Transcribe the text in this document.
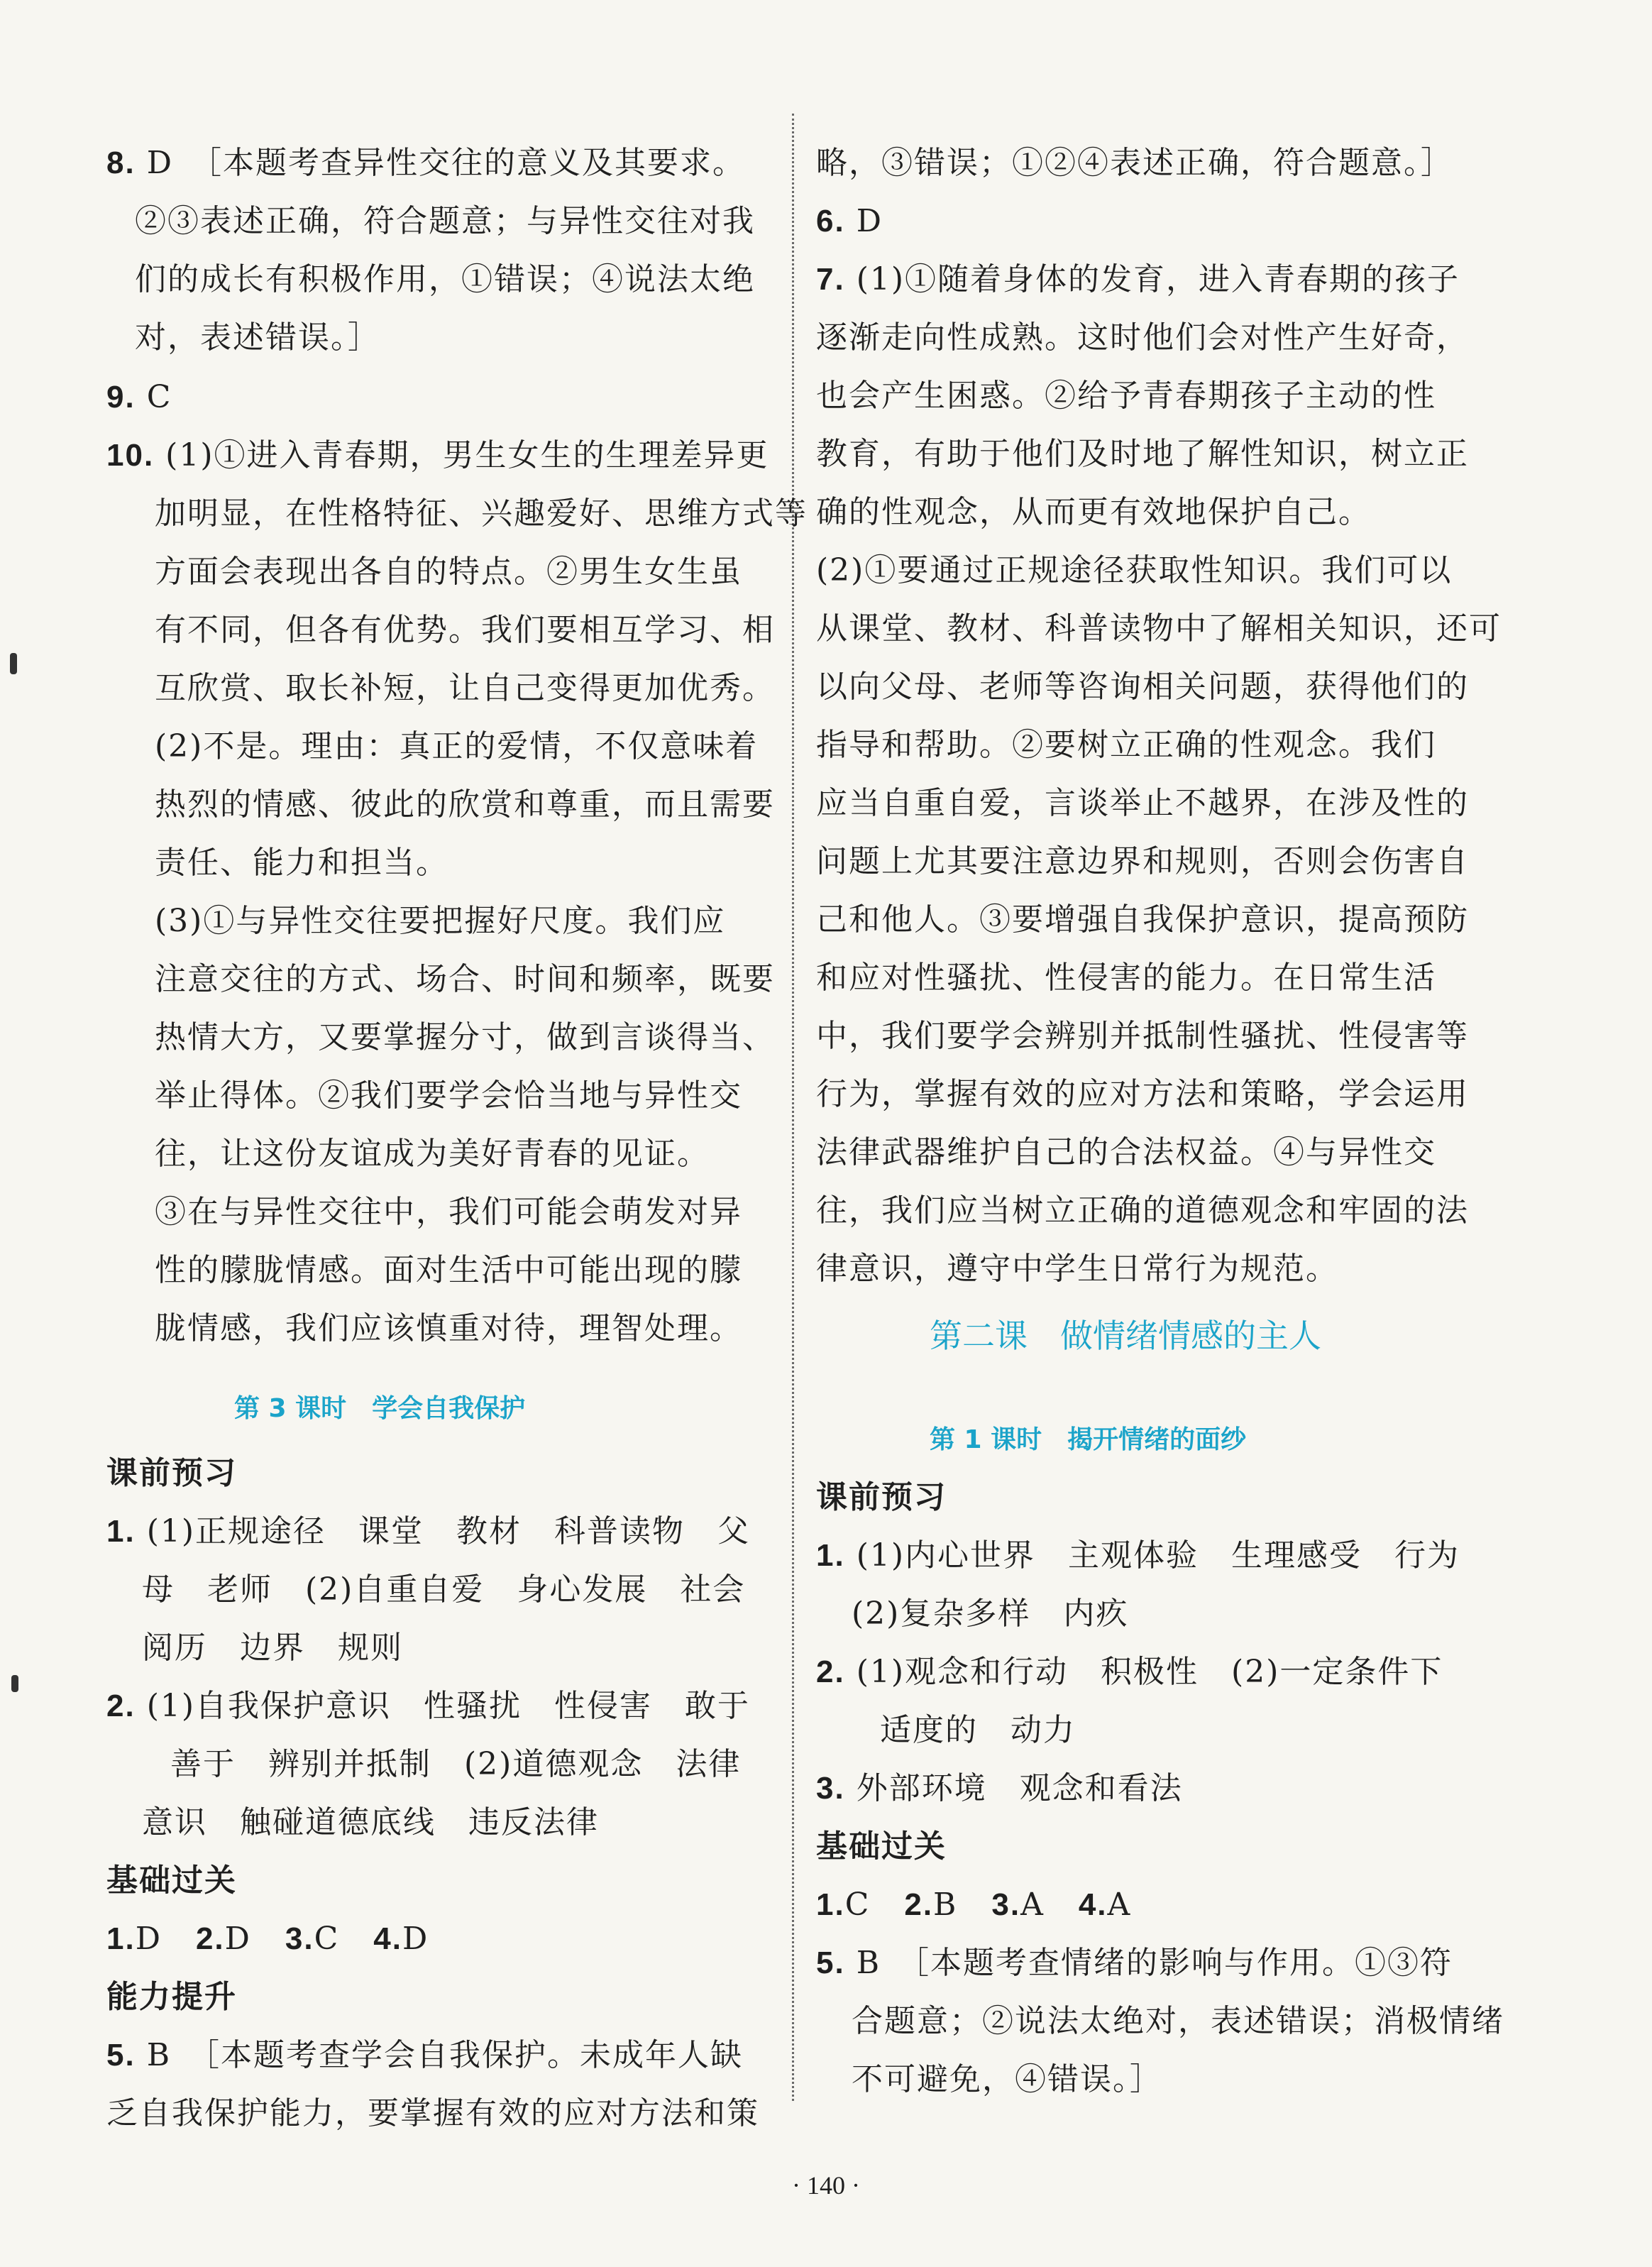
8. D　［本题考查异性交往的意义及其要求。
②③表述正确，符合题意；与异性交往对我
们的成长有积极作用，①错误；④说法太绝
对，表述错误。］
9. C
10. (1)①进入青春期，男生女生的生理差异更
加明显，在性格特征、兴趣爱好、思维方式等
方面会表现出各自的特点。②男生女生虽
有不同，但各有优势。我们要相互学习、相
互欣赏、取长补短，让自己变得更加优秀。
(2)不是。理由：真正的爱情，不仅意味着
热烈的情感、彼此的欣赏和尊重，而且需要
责任、能力和担当。
(3)①与异性交往要把握好尺度。我们应
注意交往的方式、场合、时间和频率，既要
热情大方，又要掌握分寸，做到言谈得当、
举止得体。②我们要学会恰当地与异性交
往，让这份友谊成为美好青春的见证。
③在与异性交往中，我们可能会萌发对异
性的朦胧情感。面对生活中可能出现的朦
胧情感，我们应该慎重对待，理智处理。
第 3 课时　学会自我保护
课前预习
1. (1)正规途径　课堂　教材　科普读物　父
母　老师　(2)自重自爱　身心发展　社会
阅历　边界　规则
2. (1)自我保护意识　性骚扰　性侵害　敢于
善于　辨别并抵制　(2)道德观念　法律
意识　触碰道德底线　违反法律
基础过关
1.D 2.D 3.C 4.D
能力提升
5. B　［本题考查学会自我保护。未成年人缺
乏自我保护能力，要掌握有效的应对方法和策
略，③错误；①②④表述正确，符合题意。］
6. D
7. (1)①随着身体的发育，进入青春期的孩子
逐渐走向性成熟。这时他们会对性产生好奇，
也会产生困惑。②给予青春期孩子主动的性
教育，有助于他们及时地了解性知识，树立正
确的性观念，从而更有效地保护自己。
(2)①要通过正规途径获取性知识。我们可以
从课堂、教材、科普读物中了解相关知识，还可
以向父母、老师等咨询相关问题，获得他们的
指导和帮助。②要树立正确的性观念。我们
应当自重自爱，言谈举止不越界，在涉及性的
问题上尤其要注意边界和规则，否则会伤害自
己和他人。③要增强自我保护意识，提高预防
和应对性骚扰、性侵害的能力。在日常生活
中，我们要学会辨别并抵制性骚扰、性侵害等
行为，掌握有效的应对方法和策略，学会运用
法律武器维护自己的合法权益。④与异性交
往，我们应当树立正确的道德观念和牢固的法
律意识，遵守中学生日常行为规范。
第二课　做情绪情感的主人
第 1 课时　揭开情绪的面纱
课前预习
1. (1)内心世界　主观体验　生理感受　行为
(2)复杂多样　内疚
2. (1)观念和行动　积极性　(2)一定条件下
适度的　动力
3. 外部环境　观念和看法
基础过关
1.C 2.B 3.A 4.A
5. B　［本题考查情绪的影响与作用。①③符
合题意；②说法太绝对，表述错误；消极情绪
不可避免，④错误。］
· 140 ·
